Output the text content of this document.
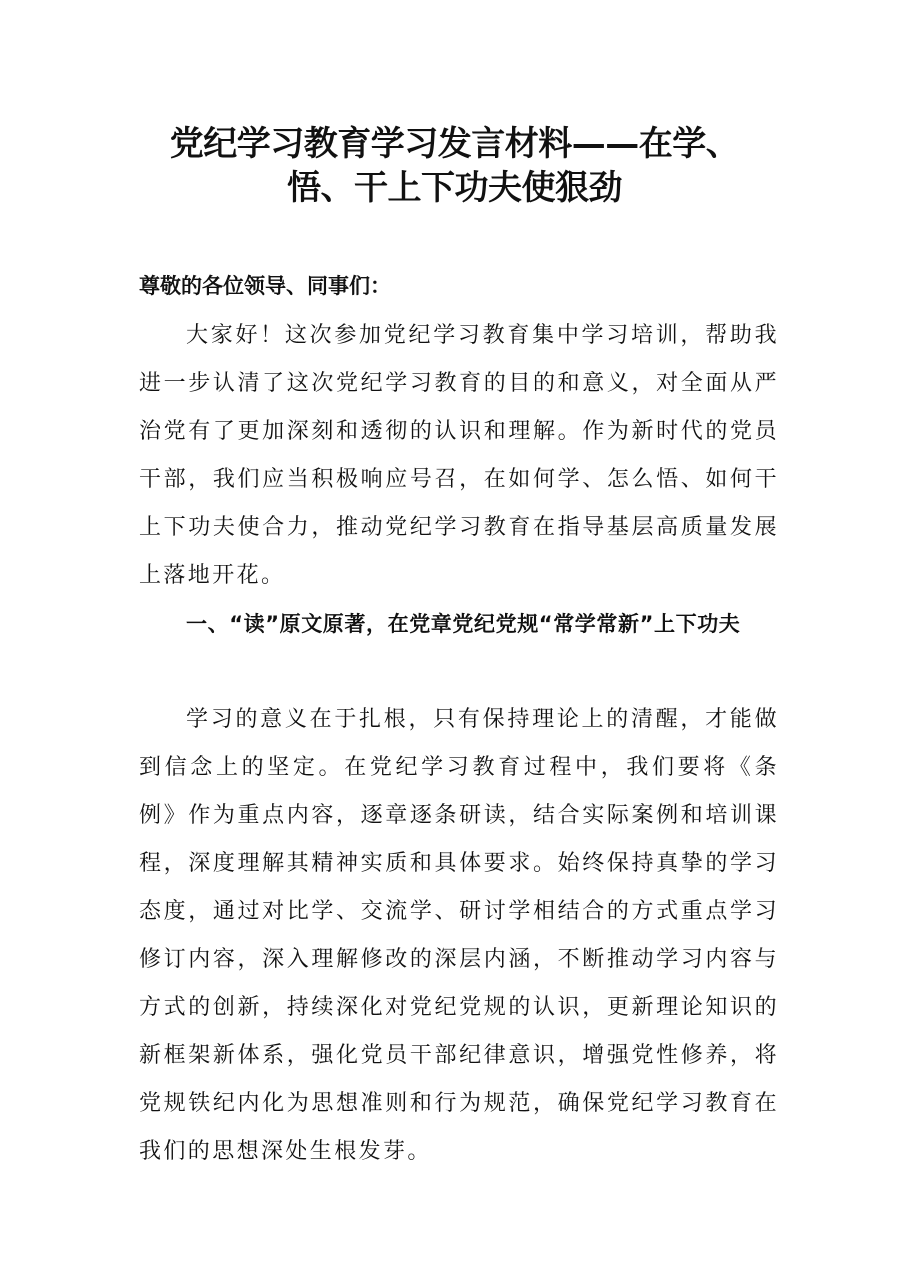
党纪学习教育学习发言材料——在学、
悟、干上下功夫使狠劲

尊敬的各位领导、同事们：

大家好！这次参加党纪学习教育集中学习培训，帮助我进一步认清了这次党纪学习教育的目的和意义，对全面从严治党有了更加深刻和透彻的认识和理解。作为新时代的党员干部，我们应当积极响应号召，在如何学、怎么悟、如何干上下功夫使合力，推动党纪学习教育在指导基层高质量发展上落地开花。

一、“读”原文原著，在党章党纪党规“常学常新”上下功夫

学习的意义在于扎根，只有保持理论上的清醒，才能做到信念上的坚定。在党纪学习教育过程中，我们要将《条例》作为重点内容，逐章逐条研读，结合实际案例和培训课程，深度理解其精神实质和具体要求。始终保持真挚的学习态度，通过对比学、交流学、研讨学相结合的方式重点学习修订内容，深入理解修改的深层内涵，不断推动学习内容与方式的创新，持续深化对党纪党规的认识，更新理论知识的新框架新体系，强化党员干部纪律意识，增强党性修养，将党规铁纪内化为思想准则和行为规范，确保党纪学习教育在我们的思想深处生根发芽。
